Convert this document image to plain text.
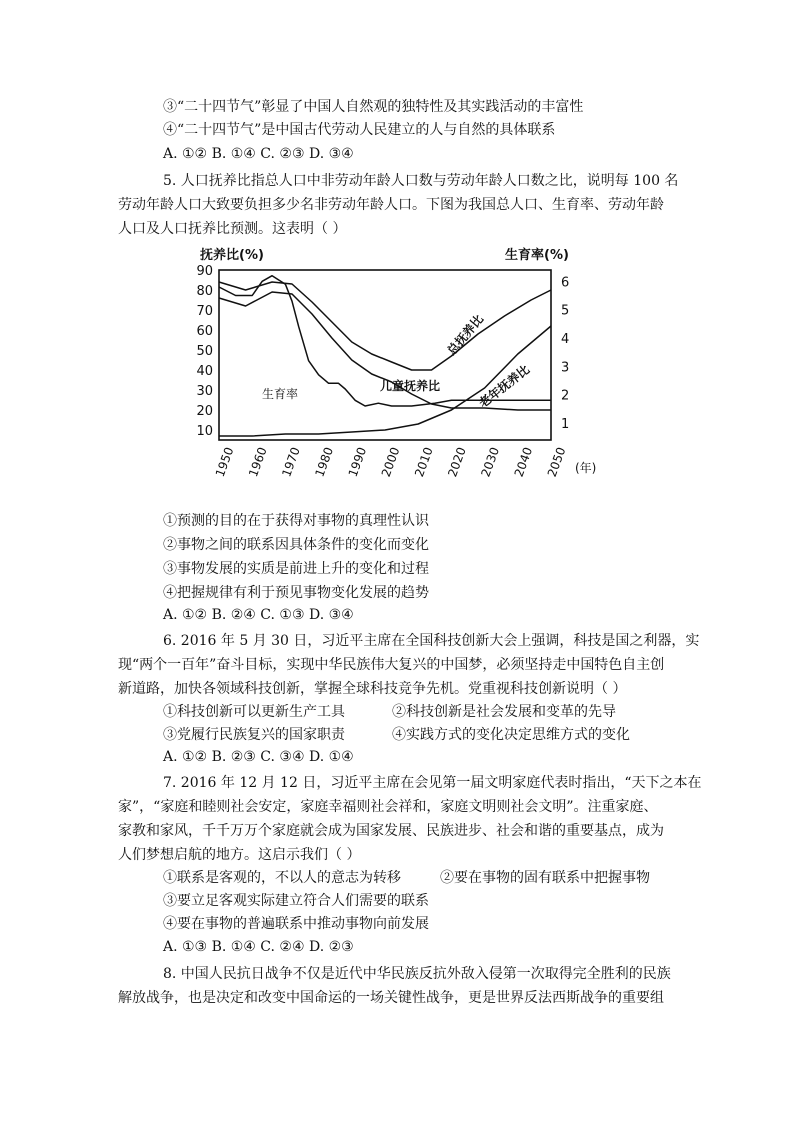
③“二十四节气”彰显了中国人自然观的独特性及其实践活动的丰富性
④“二十四节气”是中国古代劳动人民建立的人与自然的具体联系
A. ①② B. ①④ C. ②③ D. ③④
5. 人口抚养比指总人口中非劳动年龄人口数与劳动年龄人口数之比，说明每 100 名
劳动年龄人口大致要负担多少名非劳动年龄人口。下图为我国总人口、生育率、劳动年龄
人口及人口抚养比预测。这表明（ ）
抚养比(%)	生育率(%)
(年)
10
20
30
40
50
60
70
80
90
1
2
3
4
5
6
1950 1960 1970 1980 1990 2000 2010 2020 2030 2040 2050
生育率
儿童抚养比
总抚养比
老年抚养比
①预测的目的在于获得对事物的真理性认识
②事物之间的联系因具体条件的变化而变化
③事物发展的实质是前进上升的变化和过程
④把握规律有利于预见事物变化发展的趋势
A. ①② B. ②④ C. ①③ D. ③④
6. 2016 年 5 月 30 日，习近平主席在全国科技创新大会上强调，科技是国之利器，实
现“两个一百年”奋斗目标，实现中华民族伟大复兴的中国梦，必须坚持走中国特色自主创
新道路，加快各领域科技创新，掌握全球科技竞争先机。党重视科技创新说明（ ）
①科技创新可以更新生产工具	②科技创新是社会发展和变革的先导
③党履行民族复兴的国家职责	④实践方式的变化决定思维方式的变化
A. ①② B. ②③ C. ③④ D. ①④
7. 2016 年 12 月 12 日，习近平主席在会见第一届文明家庭代表时指出，“天下之本在
家”，“家庭和睦则社会安定，家庭幸福则社会祥和，家庭文明则社会文明”。注重家庭、
家教和家风，千千万万个家庭就会成为国家发展、民族进步、社会和谐的重要基点，成为
人们梦想启航的地方。这启示我们（ ）
①联系是客观的，不以人的意志为转移	②要在事物的固有联系中把握事物
③要立足客观实际建立符合人们需要的联系
④要在事物的普遍联系中推动事物向前发展
A. ①③ B. ①④ C. ②④ D. ②③
8. 中国人民抗日战争不仅是近代中华民族反抗外敌入侵第一次取得完全胜利的民族
解放战争，也是决定和改变中国命运的一场关键性战争，更是世界反法西斯战争的重要组
